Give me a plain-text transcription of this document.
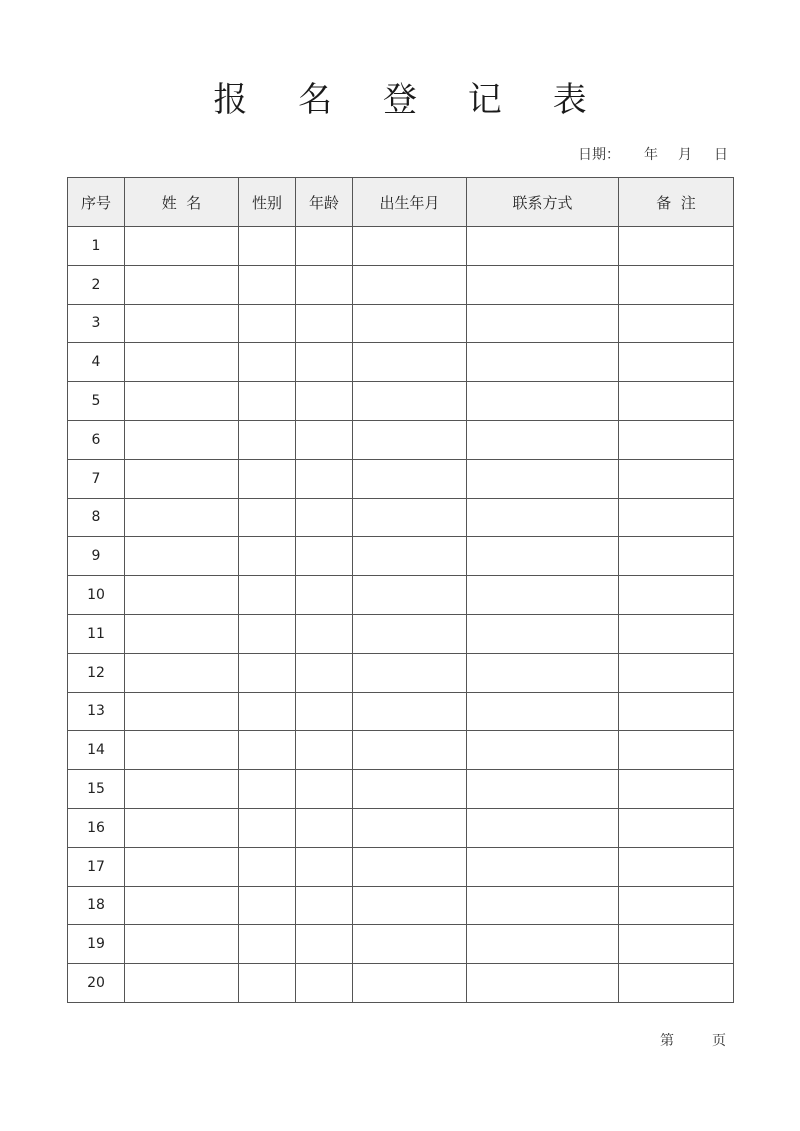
报 名 登 记 表
日期： 年 月 日
序号	姓  名	性别	年龄	出生年月	联系方式	备  注
1						
2						
3						
4						
5						
6						
7						
8						
9						
10						
11						
12						
13						
14						
15						
16						
17						
18						
19						
20						
第	页
